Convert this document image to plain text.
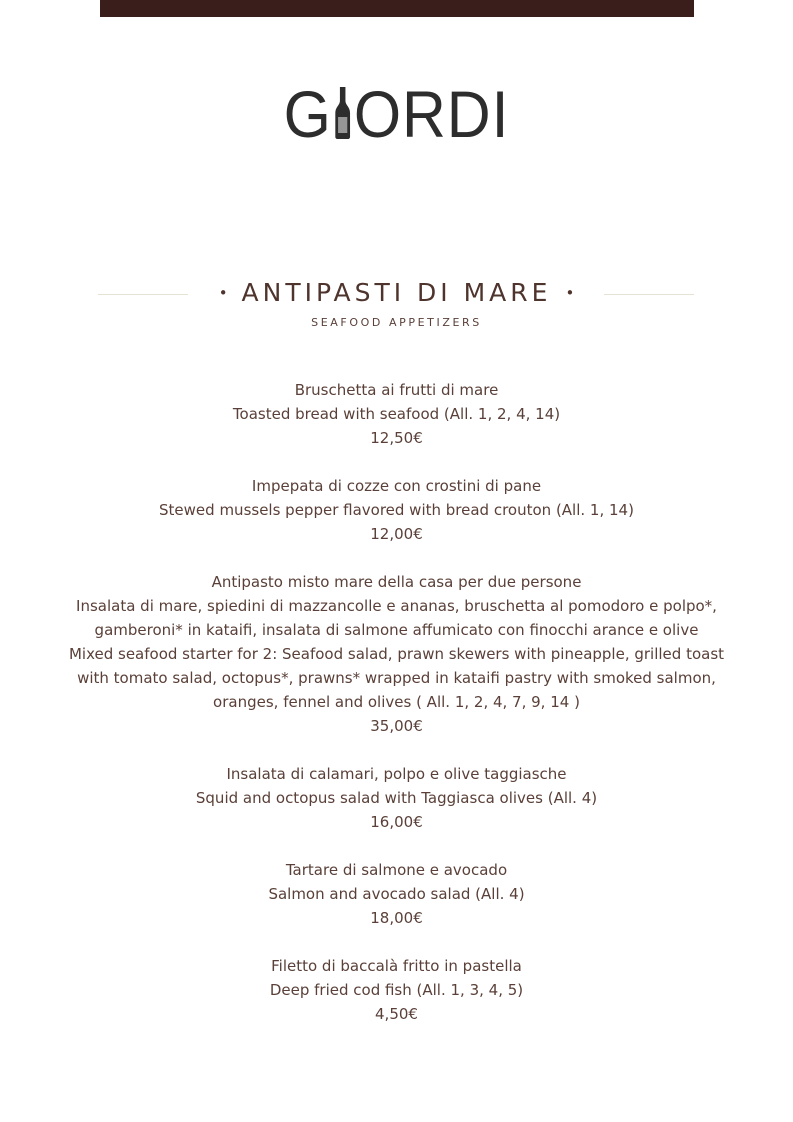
G ORDI
• ANTIPASTI DI MARE •
SEAFOOD APPETIZERS
Bruschetta ai frutti di mare
Toasted bread with seafood (All. 1, 2, 4, 14)
12,50€
Impepata di cozze con crostini di pane
Stewed mussels pepper flavored with bread crouton (All. 1, 14)
12,00€
Antipasto misto mare della casa per due persone
Insalata di mare, spiedini di mazzancolle e ananas, bruschetta al pomodoro e polpo*,
gamberoni* in kataifi, insalata di salmone affumicato con finocchi arance e olive
Mixed seafood starter for 2: Seafood salad, prawn skewers with pineapple, grilled toast
with tomato salad, octopus*, prawns* wrapped in kataifi pastry with smoked salmon,
oranges, fennel and olives ( All. 1, 2, 4, 7, 9, 14 )
35,00€
Insalata di calamari, polpo e olive taggiasche
Squid and octopus salad with Taggiasca olives (All. 4)
16,00€
Tartare di salmone e avocado
Salmon and avocado salad (All. 4)
18,00€
Filetto di baccalà fritto in pastella
Deep fried cod fish (All. 1, 3, 4, 5)
4,50€
